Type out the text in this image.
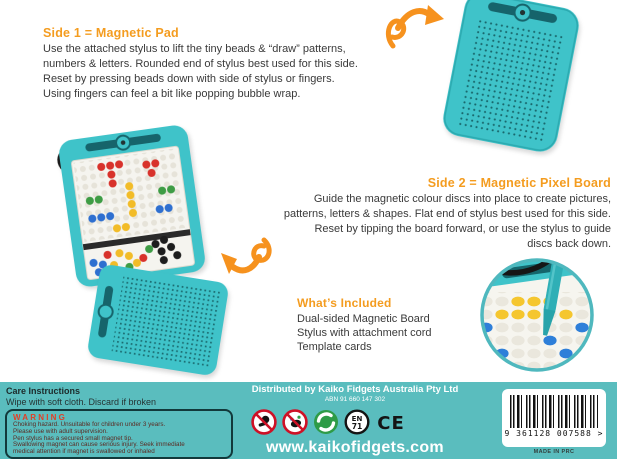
Side 1 = Magnetic Pad
Use the attached stylus to lift the tiny beads & “draw” patterns,
numbers & letters. Rounded end of stylus best used for this side.
Reset by pressing beads down with side of stylus or fingers.
Using fingers can feel a bit like popping bubble wrap.
Side 2 = Magnetic Pixel Board
Guide the magnetic colour discs into place to create pictures,
patterns, letters & shapes. Flat end of stylus best used for this side.
Reset by tipping the board forward, or use the stylus to guide
discs back down.
What’s Included
Dual-sided Magnetic Board
Stylus with attachment cord
Template cards
Care Instructions
Wipe with soft cloth. Discard if broken
WARNING
Choking hazard. Unsuitable for children under 3 years.
Please use with adult supervision.
Pen stylus has a secured small magnet tip.
Swallowing magnet can cause serious injury. Seek immediate
medical attention if magnet is swallowed or inhaled
Distributed by Kaiko Fidgets Australia Pty Ltd
ABN 91 660 147 302
EN
71 CE
www.kaikofidgets.com
9 361128 007588 >
MADE IN PRC
